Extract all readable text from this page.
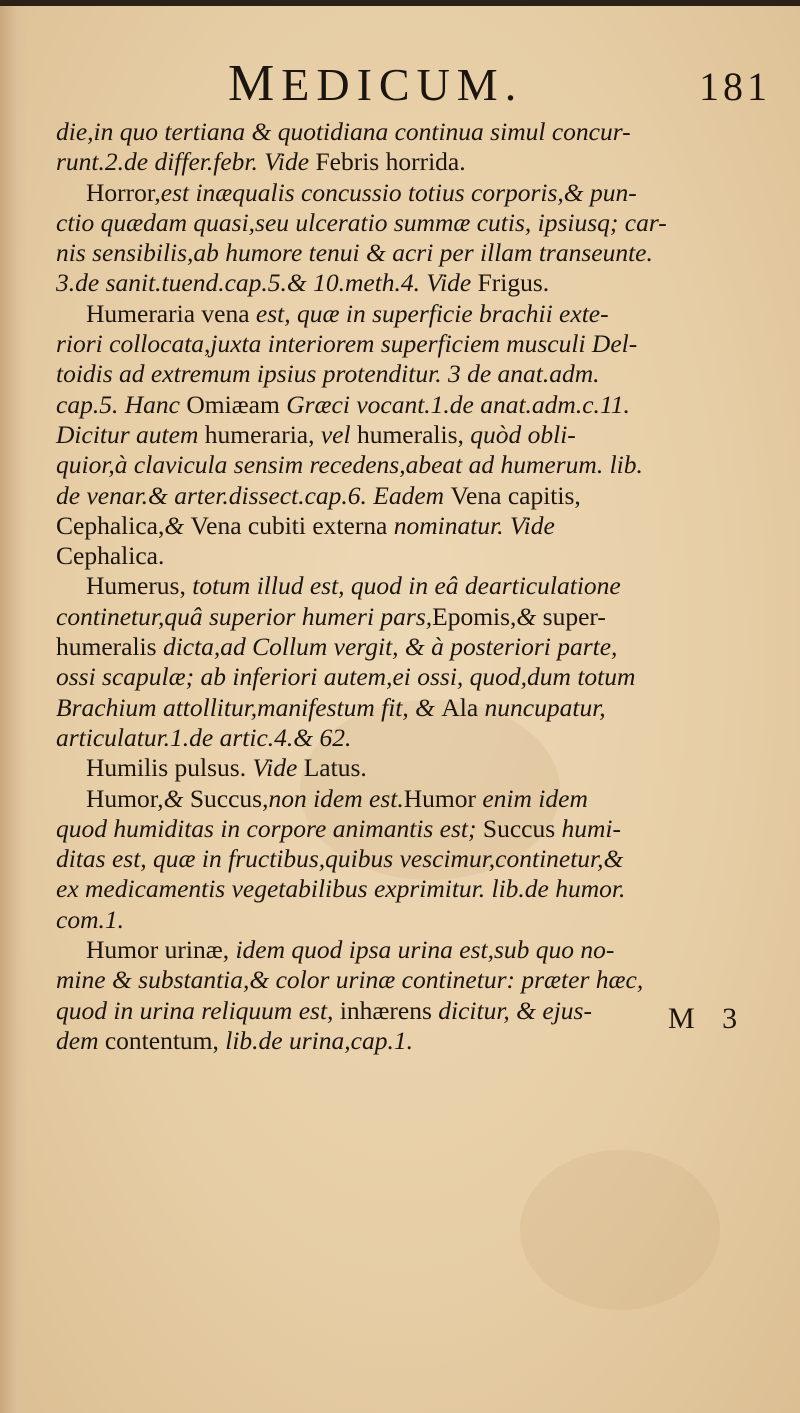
MEDICUM.	181
die,in quo tertiana & quotidiana continua simul concur-
runt.2.de differ.febr. Vide Febris horrida.
Horror,est inæqualis concussio totius corporis,& pun-
ctio quædam quasi,seu ulceratio summæ cutis, ipsiusq; car-
nis sensibilis,ab humore tenui & acri per illam transeunte.
3.de sanit.tuend.cap.5.& 10.meth.4. Vide Frigus.
Humeraria vena est, quæ in superficie brachii exte-
riori collocata,juxta interiorem superficiem musculi Del-
toidis ad extremum ipsius protenditur. 3 de anat.adm.
cap.5. Hanc Omiæam Græci vocant.1.de anat.adm.c.11.
Dicitur autem humeraria, vel humeralis, quòd obli-
quior,à clavicula sensim recedens,abeat ad humerum. lib.
de venar.& arter.dissect.cap.6. Eadem Vena capitis,
Cephalica,& Vena cubiti externa nominatur. Vide
Cephalica.
Humerus, totum illud est, quod in eâ dearticulatione
continetur,quâ superior humeri pars,Epomis,& super-
humeralis dicta,ad Collum vergit, & à posteriori parte,
ossi scapulæ; ab inferiori autem,ei ossi, quod,dum totum
Brachium attollitur,manifestum fit, & Ala nuncupatur,
articulatur.1.de artic.4.& 62.
Humilis pulsus. Vide Latus.
Humor,& Succus,non idem est.Humor enim idem
quod humiditas in corpore animantis est; Succus humi-
ditas est, quæ in fructibus,quibus vescimur,continetur,&
ex medicamentis vegetabilibus exprimitur. lib.de humor.
com.1.
Humor urinæ, idem quod ipsa urina est,sub quo no-
mine & substantia,& color urinæ continetur: præter hæc,
quod in urina reliquum est, inhærens dicitur, & ejus-
dem contentum, lib.de urina,cap.1.
M 3
